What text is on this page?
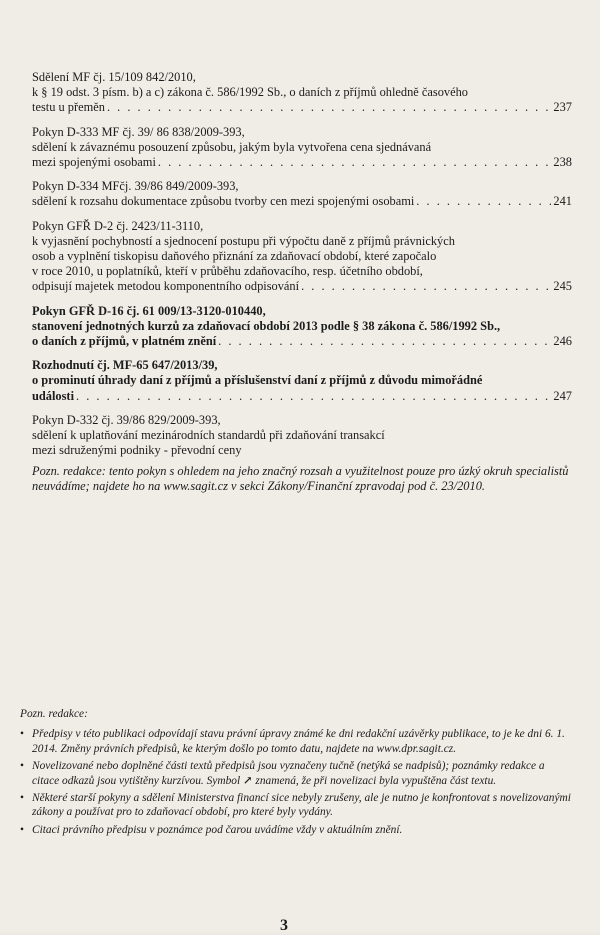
Sdělení MF čj. 15/109 842/2010,
k § 19 odst. 3 písm. b) a c) zákona č. 586/1992 Sb., o daních z příjmů ohledně časového
testu u přeměn . . .	237
Pokyn D-333 MF čj. 39/ 86 838/2009-393,
sdělení k závaznému posouzení způsobu, jakým byla vytvořena cena sjednávaná
mezi spojenými osobami . . .	238
Pokyn D-334 MFčj. 39/86 849/2009-393,
sdělení k rozsahu dokumentace způsobu tvorby cen mezi spojenými osobami . . .	241
Pokyn GFŘ D-2 čj. 2423/11-3110,
k vyjasnění pochybností a sjednocení postupu při výpočtu daně z příjmů právnických
osob a vyplnění tiskopisu daňového přiznání za zdaňovací období, které započalo
v roce 2010, u poplatníků, kteří v průběhu zdaňovacího, resp. účetního období,
odpisují majetek metodou komponentního odpisování . . .	245
Pokyn GFŘ D-16 čj. 61 009/13-3120-010440,
stanovení jednotných kurzů za zdaňovací období 2013 podle § 38 zákona č. 586/1992 Sb.,
o daních z příjmů, v platném znění . . .	246
Rozhodnutí čj. MF-65 647/2013/39,
o prominutí úhrady daní z příjmů a příslušenství daní z příjmů z důvodu mimořádné
události . . .	247
Pokyn D-332 čj. 39/86 829/2009-393,
sdělení k uplatňování mezinárodních standardů při zdaňování transakcí
mezi sdruženými podniky - převodní ceny
Pozn. redakce: tento pokyn s ohledem na jeho značný rozsah a využitelnost pouze pro úzký okruh specialistů neuvádíme; najdete ho na www.sagit.cz v sekci Zákony/Finanční zpravodaj pod č. 23/2010.
Pozn. redakce:
• Předpisy v této publikaci odpovídají stavu právní úpravy známé ke dni redakční uzávěrky publikace, to je ke dni 6. 1. 2014. Změny právních předpisů, ke kterým došlo po tomto datu, najdete na www.dpr.sagit.cz.
• Novelizované nebo doplněné části textů předpisů jsou vyznačeny tučně (netýká se nadpisů); poznámky redakce a citace odkazů jsou vytištěny kurzívou. Symbol ↗ znamená, že při novelizaci byla vypuštěna část textu.
• Některé starší pokyny a sdělení Ministerstva financí sice nebyly zrušeny, ale je nutno je konfrontovat s novelizovanými zákony a používat pro to zdaňovací období, pro které byly vydány.
• Citaci právního předpisu v poznámce pod čarou uvádíme vždy v aktuálním znění.
3
